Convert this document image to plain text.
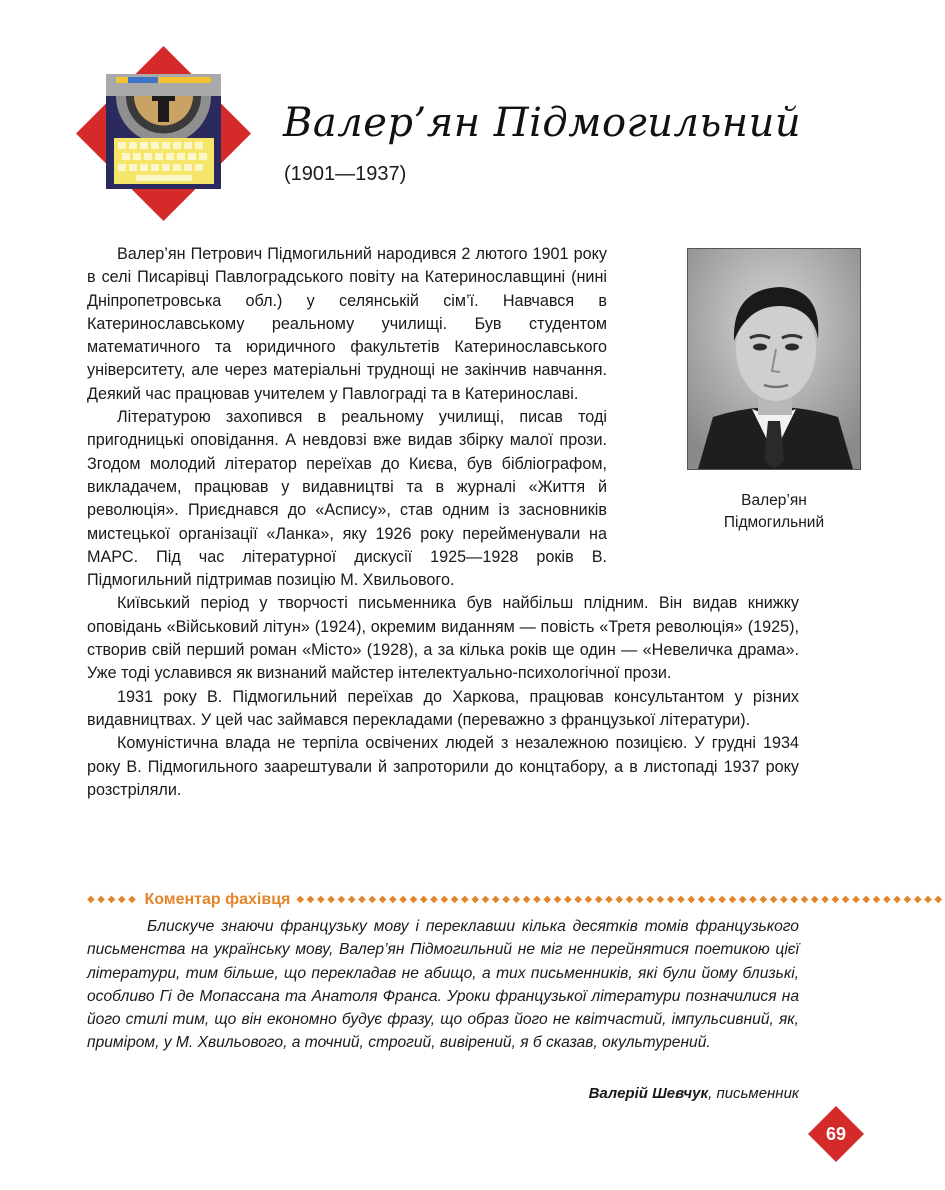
Валер’ян Підмогильний
(1901—1937)
Валер’ян
Підмогильний

Валер’ян Петрович Підмогильний народився 2 лютого 1901 року в селі Писарівці Павлоградського повіту на Катеринославщині (нині Дніпропетровська обл.) у селянській сім’ї. Навчався в Катеринославському реальному училищі. Був студентом математичного та юридичного факультетів Катеринославського університету, але через матеріальні труднощі не закінчив навчання. Деякий час працював учителем у Павлограді та в Катеринославі.

Літературою захопився в реальному училищі, писав тоді пригодницькі оповідання. А невдовзі вже видав збірку малої прози. Згодом молодий літератор переїхав до Києва, був бібліографом, викладачем, працював у видавництві та в журналі «Життя й революція». Приєднався до «Аспису», став одним із засновників мистецької організації «Ланка», яку 1926 року перейменували на МАРС. Під час літературної дискусії 1925—1928 років В. Підмогильний підтримав позицію М. Хвильового.

Київський період у творчості письменника був найбільш плідним. Він видав книжку оповідань «Військовий літун» (1924), окремим виданням — повість «Третя революція» (1925), створив свій перший роман «Місто» (1928), а за кілька років ще один — «Невеличка драма». Уже тоді уславився як визнаний майстер інтелектуально-психологічної прози.

1931 року В. Підмогильний переїхав до Харкова, працював консультантом у різних видавництвах. У цей час займався перекладами (переважно з французької літератури).

Комуністична влада не терпіла освічених людей з незалежною позицією. У грудні 1934 року В. Підмогильного заарештували й запроторили до концтабору, а в листопаді 1937 року розстріляли.

◆◆◆◆◆ Коментар фахівця ◆◆◆◆◆◆◆◆◆◆◆◆◆◆◆◆◆◆◆◆◆◆◆◆◆◆◆◆◆◆◆◆◆◆◆◆◆◆◆◆◆◆◆◆◆◆◆◆◆◆◆◆◆◆◆◆◆◆◆◆◆◆◆

Блискуче знаючи французьку мову і переклавши кілька десятків томів французького письменства на українську мову, Валер’ян Підмогильний не міг не перейнятися поетикою цієї літератури, тим більше, що перекладав не абищо, а тих письменників, які були йому близькі, особливо Гі де Мопассана та Анатоля Франса. Уроки французької літератури позначилися на його стилі тим, що він економно будує фразу, що образ його не квітчастий, імпульсивний, як, приміром, у М. Хвильового, а точний, строгий, вивірений, я б сказав, окультурений.

Валерій Шевчук, письменник
69
